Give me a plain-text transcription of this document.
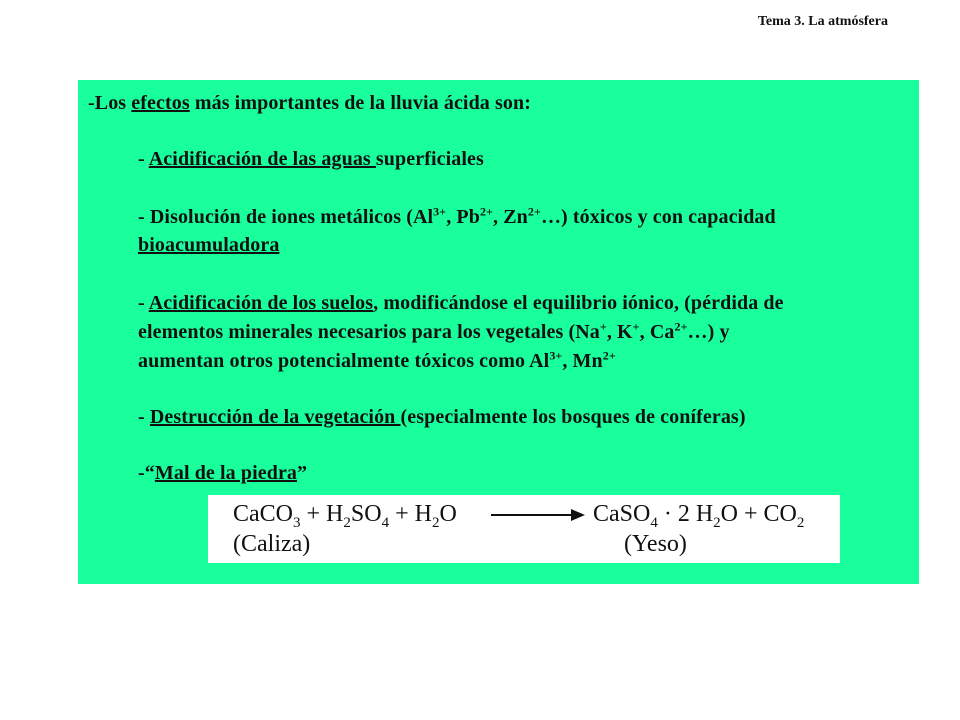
Tema 3. La atmósfera
-Los efectos más importantes de la lluvia ácida son:
- Acidificación de las aguas superficiales
- Disolución de iones metálicos ($Al^{3+}$, $Pb^{2+}$, $Zn^{2+}\dots$) tóxicos y con capacidad
bioacumuladora
- Acidificación de los suelos, modificándose el equilibrio iónico, (pérdida de
elementos minerales necesarios para los vegetales (Na+, K+, $Ca^{2+}\dots$) y
aumentan otros potencialmente tóxicos como $Al^{3+}$, $Mn^{2+}$
- Destrucción de la vegetación (especialmente los bosques de coníferas)
-“Mal de la piedra”
CaCO$_3$ + $H_2SO_4 + H_2O$ → CaSO$_4$ · 2 $H_2O + CO_2$
(Caliza)	(Yeso)
